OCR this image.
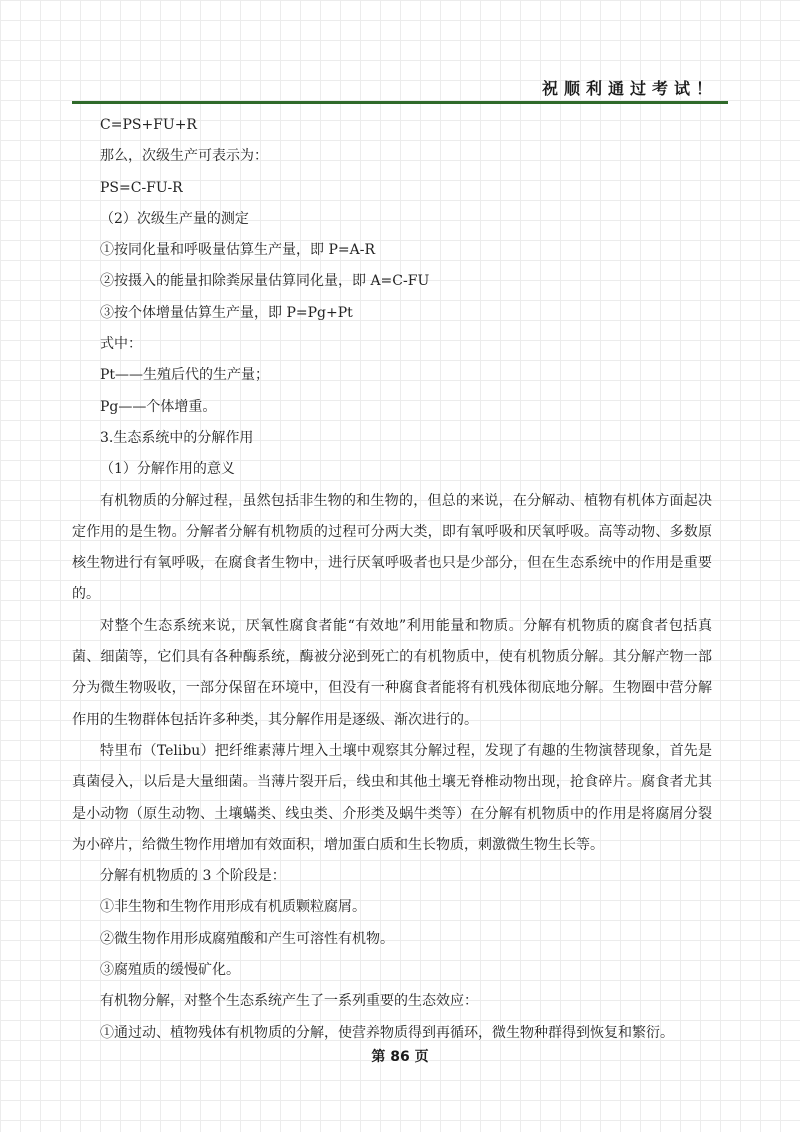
祝顺利通过考试！

C=PS+FU+R

那么，次级生产可表示为：

PS=C-FU-R

（2）次级生产量的测定

①按同化量和呼吸量估算生产量，即 P=A-R

②按摄入的能量扣除粪尿量估算同化量，即 A=C-FU

③按个体增量估算生产量，即 P=Pg+Pt

式中：

Pt——生殖后代的生产量；

Pg——个体增重。

3.生态系统中的分解作用

（1）分解作用的意义

有机物质的分解过程，虽然包括非生物的和生物的，但总的来说，在分解动、植物有机体方面起决定作用的是生物。分解者分解有机物质的过程可分两大类，即有氧呼吸和厌氧呼吸。高等动物、多数原核生物进行有氧呼吸，在腐食者生物中，进行厌氧呼吸者也只是少部分，但在生态系统中的作用是重要的。

对整个生态系统来说，厌氧性腐食者能“有效地”利用能量和物质。分解有机物质的腐食者包括真菌、细菌等，它们具有各种酶系统，酶被分泌到死亡的有机物质中，使有机物质分解。其分解产物一部分为微生物吸收，一部分保留在环境中，但没有一种腐食者能将有机残体彻底地分解。生物圈中营分解作用的生物群体包括许多种类，其分解作用是逐级、渐次进行的。

特里布（Telibu）把纤维素薄片埋入土壤中观察其分解过程，发现了有趣的生物演替现象，首先是真菌侵入，以后是大量细菌。当薄片裂开后，线虫和其他土壤无脊椎动物出现，抢食碎片。腐食者尤其是小动物（原生动物、土壤蟎类、线虫类、介形类及蜗牛类等）在分解有机物质中的作用是将腐屑分裂为小碎片，给微生物作用增加有效面积，增加蛋白质和生长物质，刺激微生物生长等。

分解有机物质的 3 个阶段是：

①非生物和生物作用形成有机质颗粒腐屑。

②微生物作用形成腐殖酸和产生可溶性有机物。

③腐殖质的缓慢矿化。

有机物分解，对整个生态系统产生了一系列重要的生态效应：

①通过动、植物残体有机物质的分解，使营养物质得到再循环，微生物种群得到恢复和繁衍。

第 86 页
